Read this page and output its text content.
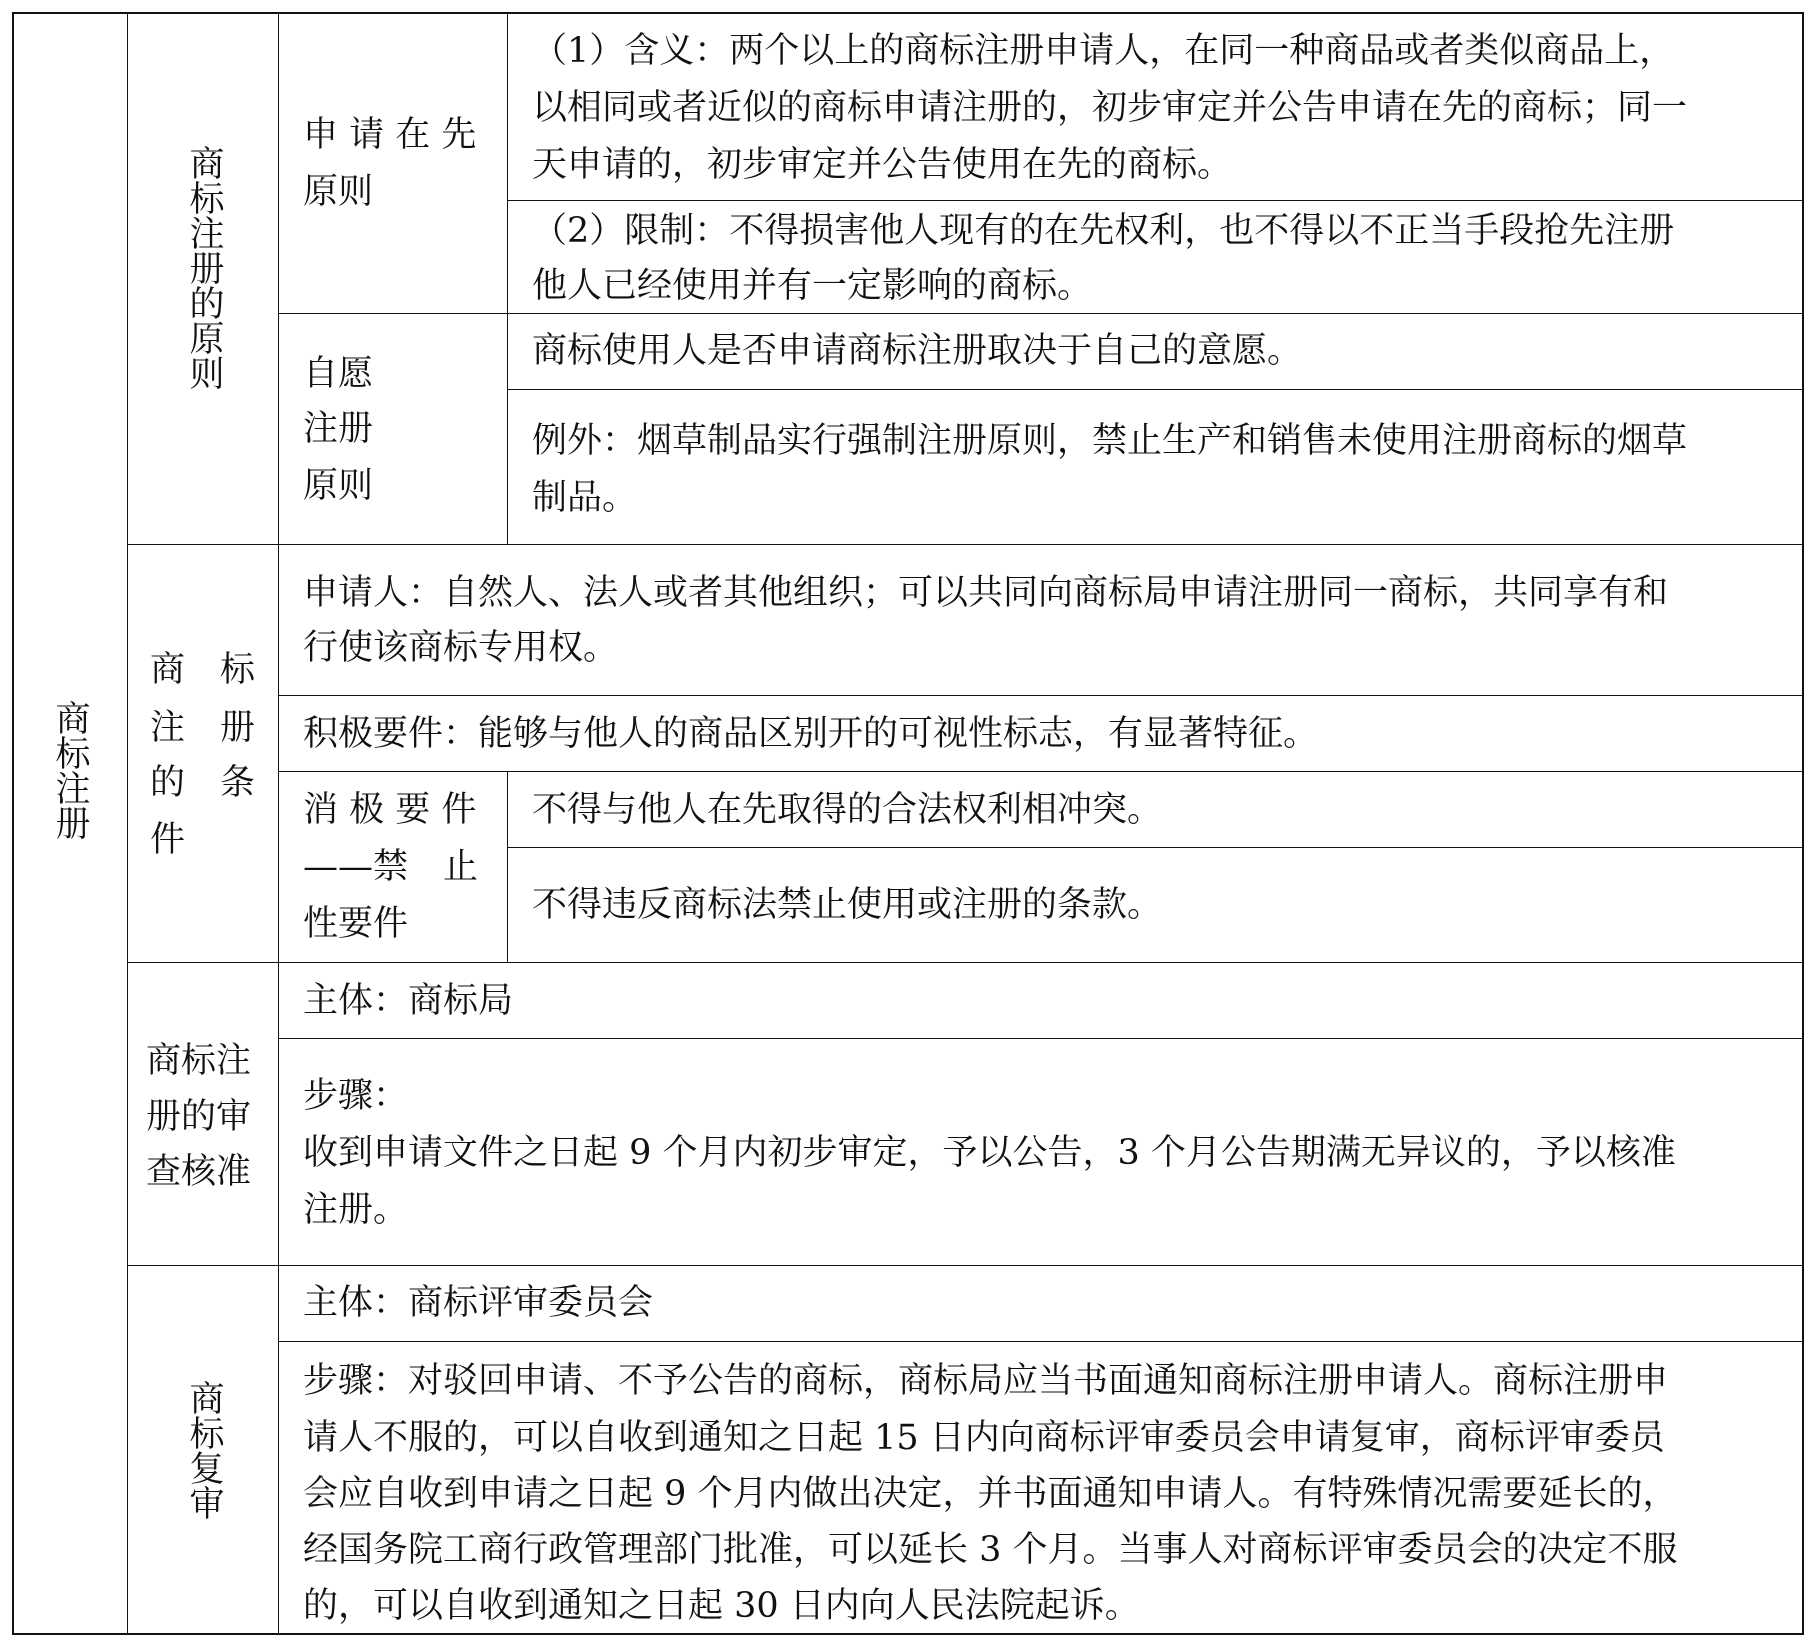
商标注册
商标注册的原则
申 请 在 先
原则
（1）含义：两个以上的商标注册申请人，在同一种商品或者类似商品上，
以相同或者近似的商标申请注册的，初步审定并公告申请在先的商标；同一
天申请的，初步审定并公告使用在先的商标。
（2）限制：不得损害他人现有的在先权利，也不得以不正当手段抢先注册
他人已经使用并有一定影响的商标。
自愿
注册
原则
商标使用人是否申请商标注册取决于自己的意愿。
例外：烟草制品实行强制注册原则，禁止生产和销售未使用注册商标的烟草
制品。
商　标
注　册
的　条
件
申请人：自然人、法人或者其他组织；可以共同向商标局申请注册同一商标，共同享有和
行使该商标专用权。
积极要件：能够与他人的商品区别开的可视性标志，有显著特征。
消 极 要 件
——禁　止
性要件
不得与他人在先取得的合法权利相冲突。
不得违反商标法禁止使用或注册的条款。
商标注
册的审
查核准
主体：商标局
步骤：
收到申请文件之日起 9 个月内初步审定，予以公告，3 个月公告期满无异议的，予以核准
注册。
商标复审
主体：商标评审委员会
步骤：对驳回申请、不予公告的商标，商标局应当书面通知商标注册申请人。商标注册申
请人不服的，可以自收到通知之日起 15 日内向商标评审委员会申请复审，商标评审委员
会应自收到申请之日起 9 个月内做出决定，并书面通知申请人。有特殊情况需要延长的，
经国务院工商行政管理部门批准，可以延长 3 个月。当事人对商标评审委员会的决定不服
的，可以自收到通知之日起 30 日内向人民法院起诉。
